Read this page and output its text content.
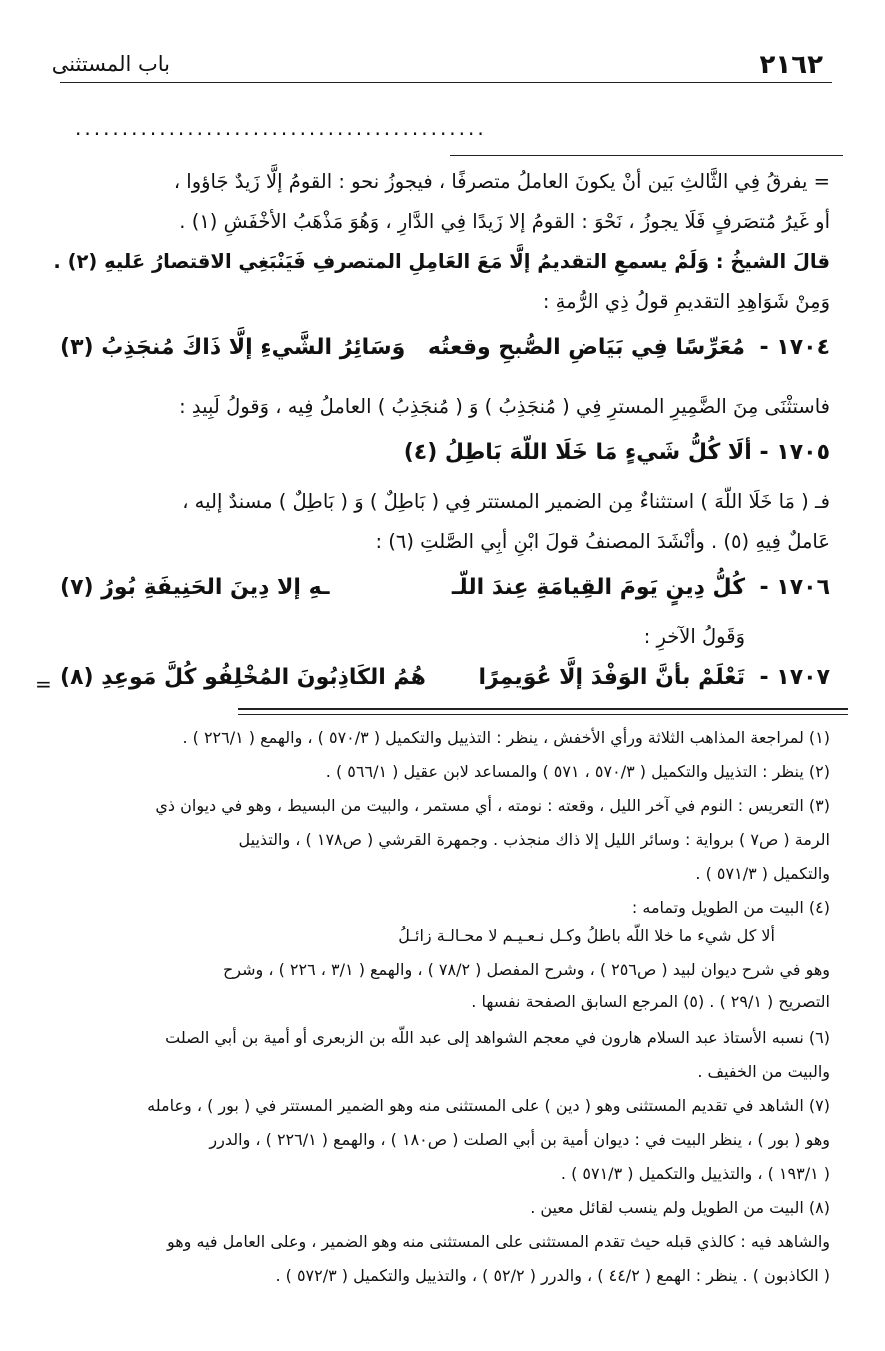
باب المستثنى	٢١٦٢
............................................
= يفرقُ فِي الثَّالثِ بَين أنْ يكونَ العاملُ متصرفًا ، فيجوزُ نحو : القومُ إلَّا زَيدٌ جَاؤوا ،
أو غَيرُ مُتصَرفٍ فَلَا يجوزُ ، نَحْوَ : القومُ إلا زَيدًا فِي الدَّارِ ، وَهُوَ مَذْهَبُ الأخْفَشِ (١) .
قالَ الشيخُ : وَلَمْ يسمعِ التقديمُ إلَّا مَعَ العَامِلِ المتصرفِ فَيَنْبَغِي الاقتصارُ عَليهِ (٢) .
وَمِنْ شَوَاهِدِ التقديمِ قولُ ذِي الرُّمةِ :
١٧٠٤ -
مُعَرِّسًا فِي بَيَاضِ الصُّبحِ وقعتُه
وَسَائِرُ الشَّيءِ إلَّا ذَاكَ مُنجَذِبُ (٣)
فاستثْنَى مِنَ الضَّمِيرِ المسترِ فِي ( مُنجَذِبُ ) وَ ( مُنجَذِبُ ) العاملُ فِيه ، وَقولُ لَبِيدِ :
١٧٠٥ - ألَا كُلُّ شَيءٍ مَا خَلَا اللّهَ بَاطِلُ (٤)
فـ ( مَا خَلَا اللّهَ ) استثناءٌ مِن الضمير المستتر فِي ( بَاطِلٌ ) وَ ( بَاطِلٌ ) مسندٌ إليه ،
عَاملٌ فِيهِ (٥) . وأنْشَدَ المصنفُ قولَ ابْنِ أبِي الصَّلتِ (٦) :
١٧٠٦ -
كُلُّ دِينٍ يَومَ القِيامَةِ عِندَ اللّـ
ـهِ إلا دِينَ الحَنِيفَةِ بُورُ (٧)
وَقَولُ الآخرِ :
١٧٠٧ -
تَعْلَمْ بأنَّ الوَفْدَ إلَّا عُوَيمِرًا
هُمُ الكَاذِبُونَ المُخْلِفُو كُلَّ مَوعِدِ (٨)
=
(١) لمراجعة المذاهب الثلاثة ورأي الأخفش ، ينظر : التذييل والتكميل ( ٥٧٠/٣ ) ، والهمع ( ٢٢٦/١ ) .
(٢) ينظر : التذييل والتكميل ( ٥٧٠/٣ ، ٥٧١ ) والمساعد لابن عقيل ( ٥٦٦/١ ) .
(٣) التعريس : النوم في آخر الليل ، وقعته : نومته ، أي مستمر ، والبيت من البسيط ، وهو في ديوان ذي
الرمة ( ص٧ ) برواية : وسائر الليل إلا ذاك منجذب . وجمهرة القرشي ( ص١٧٨ ) ، والتذييل
والتكميل ( ٥٧١/٣ ) .
(٤) البيت من الطويل وتمامه :
ألا كل شيء ما خلا اللّه باطلُ وكـل نـعـيـم لا محـالـة زائـلُ
وهو في شرح ديوان لبيد ( ص٢٥٦ ) ، وشرح المفصل ( ٧٨/٢ ) ، والهمع ( ٣/١ ، ٢٢٦ ) ، وشرح
التصريح ( ٢٩/١ ) . (٥) المرجع السابق الصفحة نفسها .
(٦) نسبه الأستاذ عبد السلام هارون في معجم الشواهد إلى عبد اللّه بن الزبعرى أو أمية بن أبي الصلت
والبيت من الخفيف .
(٧) الشاهد في تقديم المستثنى وهو ( دين ) على المستثنى منه وهو الضمير المستتر في ( بور ) ، وعامله
وهو ( بور ) ، ينظر البيت في : ديوان أمية بن أبي الصلت ( ص١٨٠ ) ، والهمع ( ٢٢٦/١ ) ، والدرر
( ١٩٣/١ ) ، والتذييل والتكميل ( ٥٧١/٣ ) .
(٨) البيت من الطويل ولم ينسب لقائل معين .
والشاهد فيه : كالذي قبله حيث تقدم المستثنى على المستثنى منه وهو الضمير ، وعلى العامل فيه وهو
( الكاذبون ) . ينظر : الهمع ( ٤٤/٢ ) ، والدرر ( ٥٢/٢ ) ، والتذييل والتكميل ( ٥٧٢/٣ ) .
